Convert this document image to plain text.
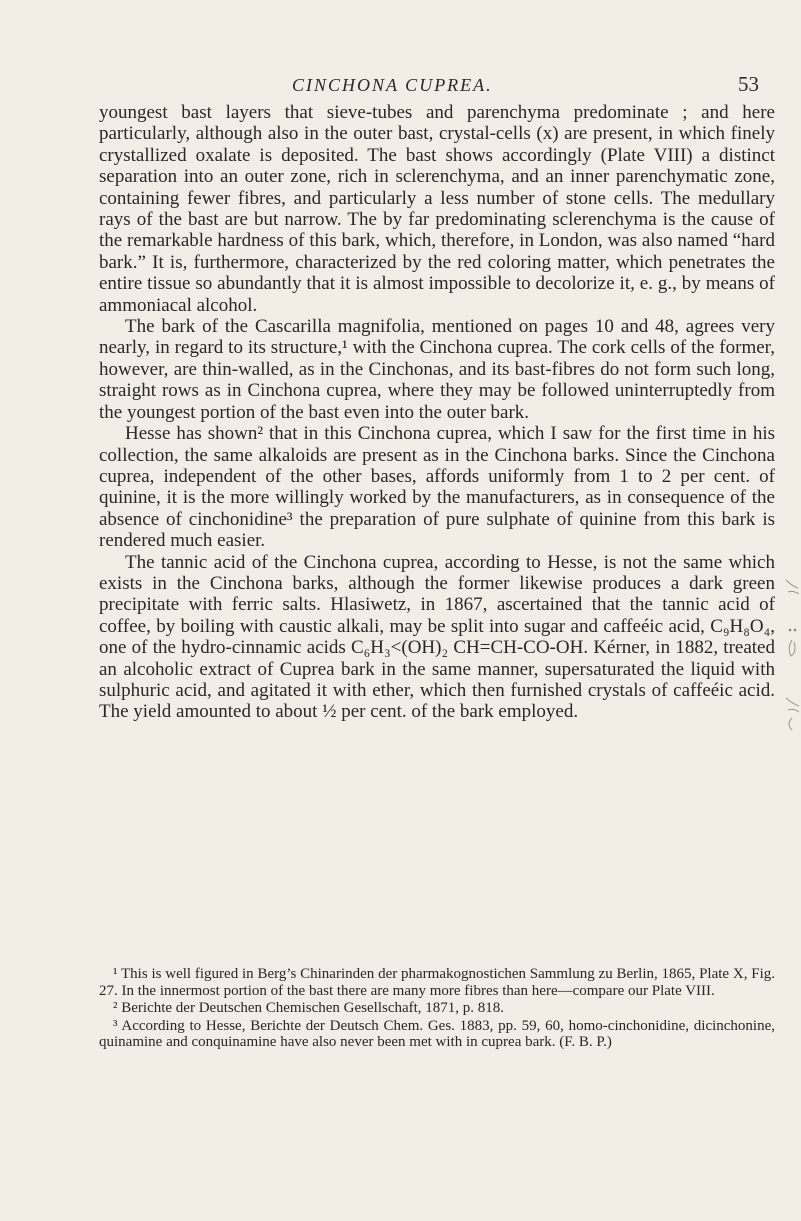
CINCHONA CUPREA.	53

youngest bast layers that sieve-tubes and parenchyma predominate ; and here particularly, although also in the outer bast, crystal-cells (x) are present, in which finely crystallized oxalate is deposited. The bast shows accordingly (Plate VIII) a distinct separation into an outer zone, rich in sclerenchyma, and an inner parenchymatic zone, containing fewer fibres, and particularly a less number of stone cells. The medullary rays of the bast are but narrow. The by far predominating sclerenchyma is the cause of the remarkable hardness of this bark, which, therefore, in London, was also named “hard bark.” It is, furthermore, characterized by the red coloring matter, which penetrates the entire tissue so abundantly that it is almost impossible to decolorize it, e. g., by means of ammoniacal alcohol.

The bark of the Cascarilla magnifolia, mentioned on pages 10 and 48, agrees very nearly, in regard to its structure,¹ with the Cinchona cuprea. The cork cells of the former, however, are thin-walled, as in the Cinchonas, and its bast-fibres do not form such long, straight rows as in Cinchona cuprea, where they may be followed uninterruptedly from the youngest portion of the bast even into the outer bark.

Hesse has shown² that in this Cinchona cuprea, which I saw for the first time in his collection, the same alkaloids are present as in the Cinchona barks. Since the Cinchona cuprea, independent of the other bases, affords uniformly from 1 to 2 per cent. of quinine, it is the more willingly worked by the manufacturers, as in consequence of the absence of cinchonidine³ the preparation of pure sulphate of quinine from this bark is rendered much easier.

The tannic acid of the Cinchona cuprea, according to Hesse, is not the same which exists in the Cinchona barks, although the former likewise produces a dark green precipitate with ferric salts. Hlasiwetz, in 1867, ascertained that the tannic acid of coffee, by boiling with caustic alkali, may be split into sugar and caffeéic acid, C₉H₈O₄, one of the hydro-cinnamic acids C₆H₃<(OH)₂ CH=CH-CO-OH. Kérner, in 1882, treated an alcoholic extract of Cuprea bark in the same manner, supersaturated the liquid with sulphuric acid, and agitated it with ether, which then furnished crystals of caffeéic acid. The yield amounted to about ½ per cent. of the bark employed.

¹ This is well figured in Berg’s Chinarinden der pharmakognostichen Sammlung zu Berlin, 1865, Plate X, Fig. 27. In the innermost portion of the bast there are many more fibres than here—compare our Plate VIII.

² Berichte der Deutschen Chemischen Gesellschaft, 1871, p. 818.

³ According to Hesse, Berichte der Deutsch Chem. Ges. 1883, pp. 59, 60, homo-cinchonidine, dicinchonine, quinamine and conquinamine have also never been met with in cuprea bark. (F. B. P.)
